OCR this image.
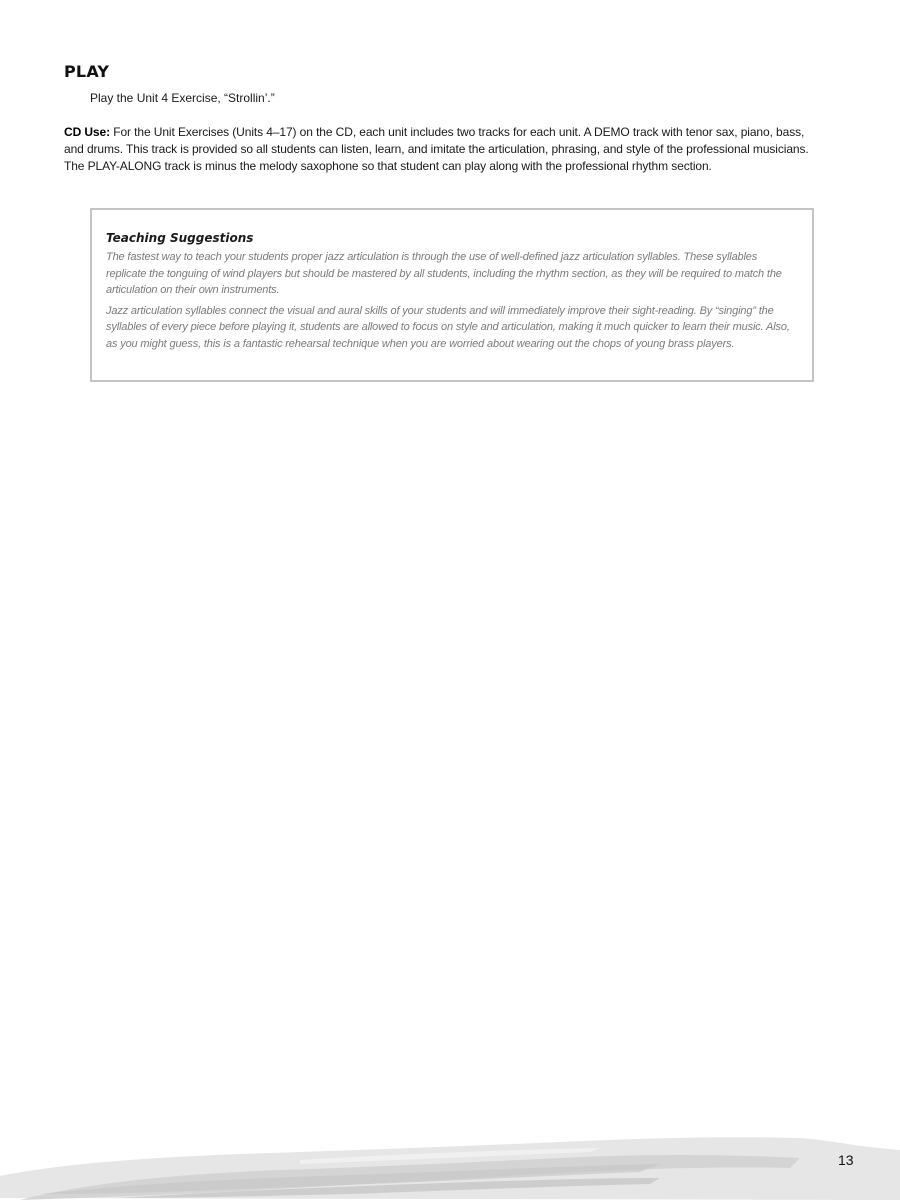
PLAY

Play the Unit 4 Exercise, “Strollin’.”

CD Use: For the Unit Exercises (Units 4–17) on the CD, each unit includes two tracks for each unit. A DEMO track with tenor sax, piano, bass, and drums. This track is provided so all students can listen, learn, and imitate the articulation, phrasing, and style of the professional musicians. The PLAY-ALONG track is minus the melody saxophone so that student can play along with the professional rhythm section.

Teaching Suggestions

The fastest way to teach your students proper jazz articulation is through the use of well-defined jazz articulation syllables. These syllables replicate the tonguing of wind players but should be mastered by all students, including the rhythm section, as they will be required to match the articulation on their own instruments.

Jazz articulation syllables connect the visual and aural skills of your students and will immediately improve their sight-reading. By “singing” the syllables of every piece before playing it, students are allowed to focus on style and articulation, making it much quicker to learn their music. Also, as you might guess, this is a fantastic rehearsal technique when you are worried about wearing out the chops of young brass players.

13
